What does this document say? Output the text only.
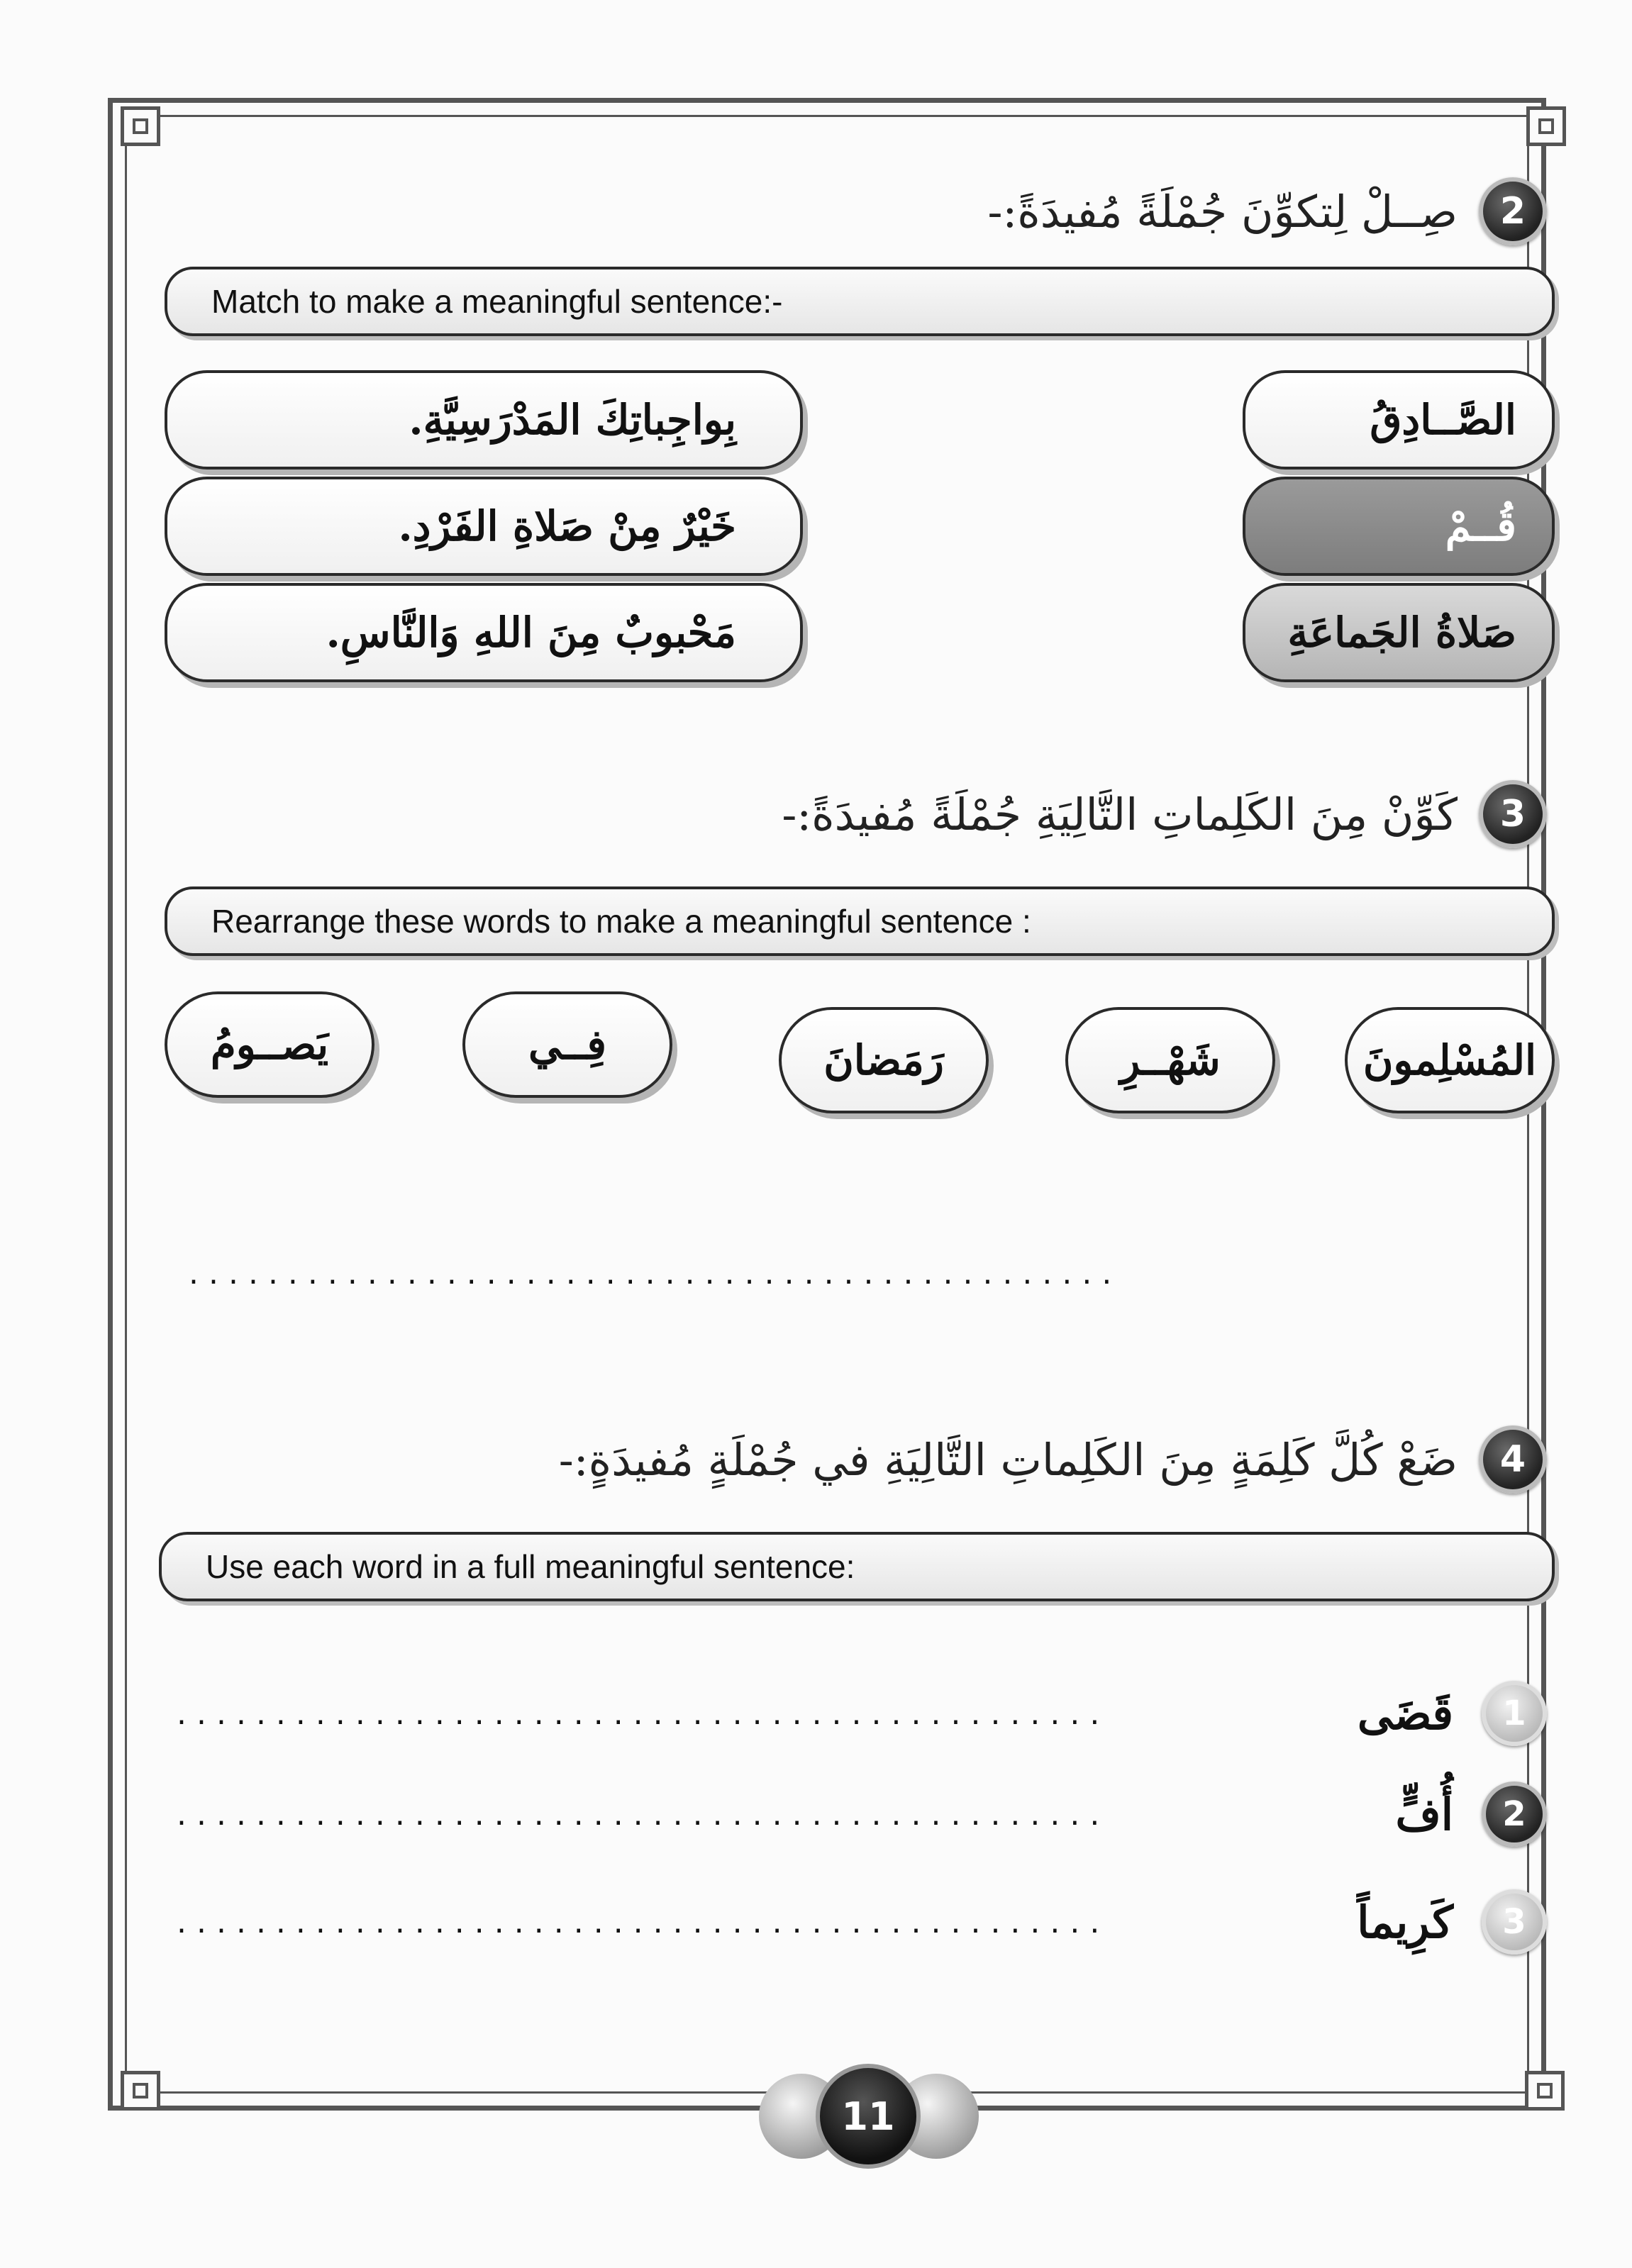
2
صِــلْ لِتكوِّنَ جُمْلَةً مُفيدَةً:-
Match to make a meaningful sentence:-
الصَّــادِقُ
قُــمْ
صَلاةُ الجَماعَةِ
بِواجِباتِكَ المَدْرَسِيَّةِ.
خَيْرٌ مِنْ صَلاةِ الفَرْدِ.
مَحْبوبٌ مِنَ اللهِ وَالنَّاسِ.
3
كَوِّنْ مِنَ الكَلِماتِ التَّالِيَةِ جُمْلَةً مُفيدَةً:-
Rearrange these words to make a meaningful sentence :
المُسْلِمونَ
شَهْــرِ
رَمَضانَ
فِــي
يَصــومُ
...............................................
4
ضَعْ كُلَّ كَلِمَةٍ مِنَ الكَلِماتِ التَّالِيَةِ في جُمْلَةٍ مُفيدَةٍ:-
Use each word in a full meaningful sentence:
1
قَضَى
...............................................
2
أُفٍّ
...............................................
3
كَرِيماً
...............................................
11
